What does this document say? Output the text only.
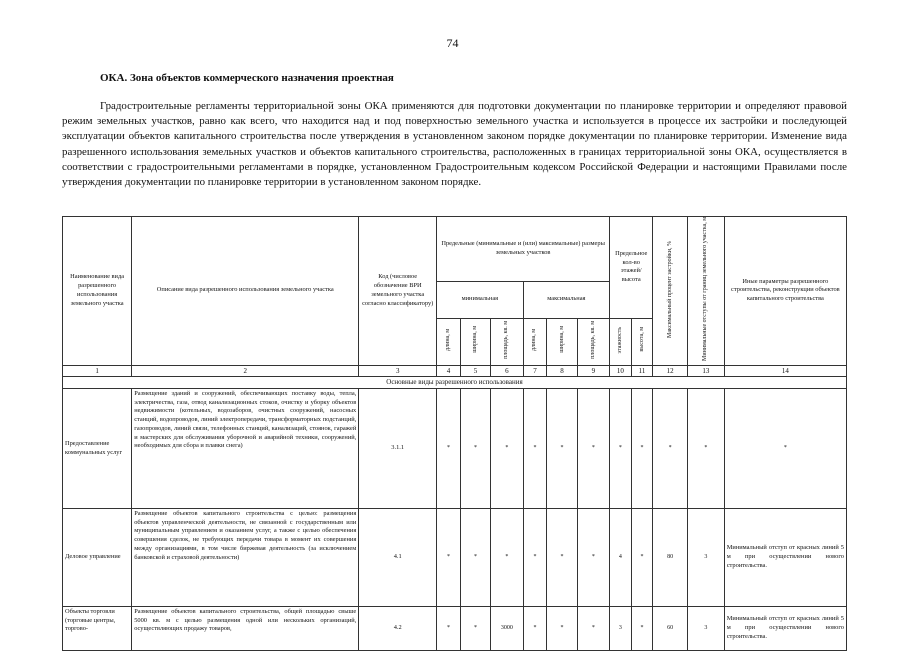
74
ОКА. Зона объектов коммерческого назначения проектная

Градостроительные регламенты территориальной зоны ОКА применяются для подготовки документации по планировке территории и определяют правовой режим земельных участков, равно как всего, что находится над и под поверхностью земельного участка и используется в процессе их застройки и последующей эксплуатации объектов капитального строительства после утверждения в установленном законом порядке документации по планировке территории. Изменение вида разрешенного использования земельных участков и объектов капитального строительства, расположенных в границах территориальной зоны ОКА, осуществляется в соответствии с градостроительными регламентами в порядке, установленном Градостроительным кодексом Российской Федерации и настоящими Правилами после утверждения документации по планировке территории в установленном законом порядке.

Наименование вида разрешенного использования земельного участка	Описание вида разрешенного использования земельного участка	Код (числовое обозначение ВРИ земельного участка согласно классификатору)	Предельные (минимальные и (или) максимальные) размеры земельных участков						Предельное кол-во этажей/ высота		Максимальный процент застройки, %	Минимальные отступы от границ земельного участка, м	Иные параметры разрешенного строительства, реконструкции объектов капитального строительства
			минимальная			максимальная							
			длина, м	ширина, м	площадь, кв. м	длина, м	ширина, м	площадь, кв. м	этажность	высота, м			
1	2	3	4	5	6	7	8	9	10	11	12	13	14
Основные виды разрешенного использования													
Предоставление коммунальных услуг	Размещение зданий и сооружений, обеспечивающих поставку воды, тепла, электричества, газа, отвод канализационных стоков, очистку и уборку объектов недвижимости (котельных, водозаборов, очистных сооружений, насосных станций, водопроводов, линий электропередачи, трансформаторных подстанций, газопроводов, линий связи, телефонных станций, канализаций, стоянок, гаражей и мастерских для обслуживания уборочной и аварийной техники, сооружений, необходимых для сбора и плавки снега)	3.1.1	*	*	*	*	*	*	*	*	*	*	*
Деловое управление	Размещение объектов капитального строительства с целью: размещения объектов управленческой деятельности, не связанной с государственным или муниципальным управлением и оказанием услуг, а также с целью обеспечения совершения сделок, не требующих передачи товара в момент их совершения между организациями, в том числе биржевая деятельность (за исключением банковской и страховой деятельности)	4.1	*	*	*	*	*	*	4	*	80	3	Минимальный отступ от красных линий 5 м при осуществлении нового строительства.
Объекты торговли (торговые центры, торгово-	Размещение объектов капитального строительства, общей площадью свыше 5000 кв. м с целью размещения одной или нескольких организаций, осуществляющих продажу товаров,	4.2	*	*	3000	*	*	*	3	*	60	3	Минимальный отступ от красных линий 5 м при осуществлении нового строительства.
